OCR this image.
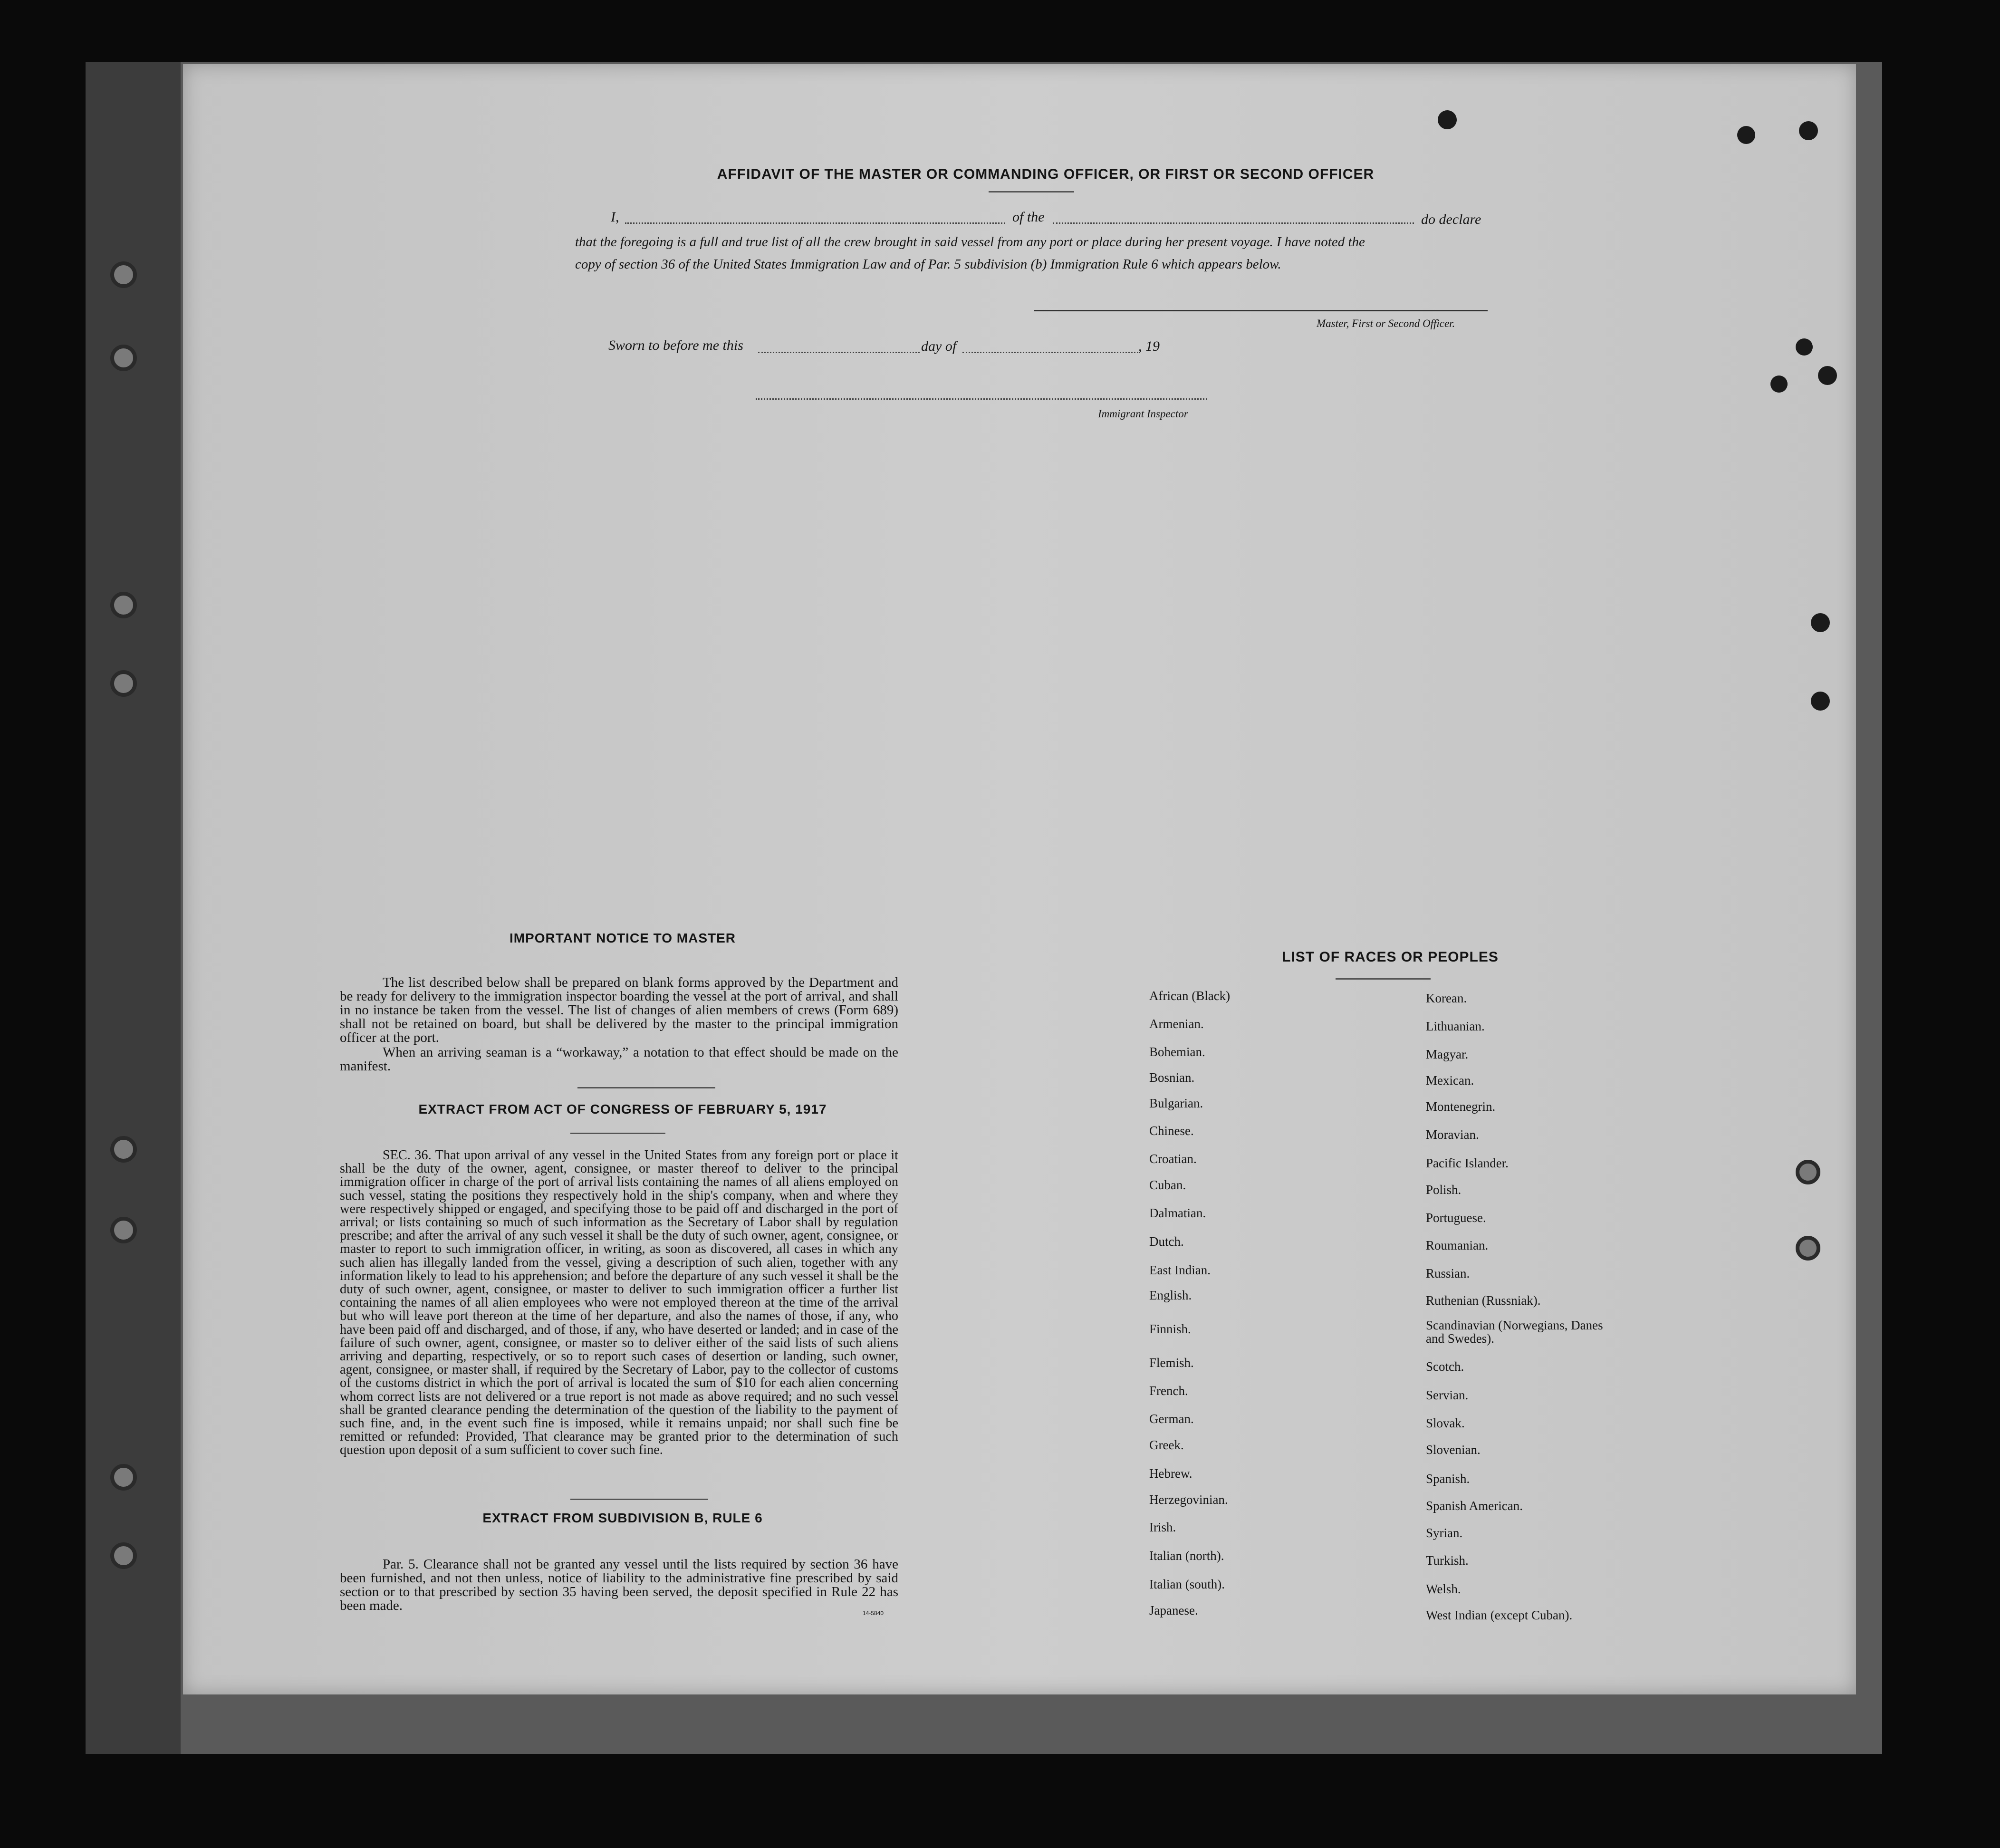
AFFIDAVIT OF THE MASTER OR COMMANDING OFFICER, OR FIRST OR SECOND OFFICER
I,	of the	do declare
that the foregoing is a full and true list of all the crew brought in said vessel from any port or place during her present voyage. I have noted the
copy of section 36 of the United States Immigration Law and of Par. 5 subdivision (b) Immigration Rule 6 which appears below.
Master, First or Second Officer.
Sworn to before me this	day of	, 19
Immigrant Inspector
IMPORTANT NOTICE TO MASTER
The list described below shall be prepared on blank forms approved by the Department and be ready for delivery to the immigration inspector boarding the vessel at the port of arrival, and shall in no instance be taken from the vessel. The list of changes of alien members of crews (Form 689) shall not be retained on board, but shall be delivered by the master to the principal immigration officer at the port.
When an arriving seaman is a “workaway,” a notation to that effect should be made on the manifest.
EXTRACT FROM ACT OF CONGRESS OF FEBRUARY 5, 1917
SEC. 36. That upon arrival of any vessel in the United States from any foreign port or place it shall be the duty of the owner, agent, consignee, or master thereof to deliver to the principal immigration officer in charge of the port of arrival lists containing the names of all aliens employed on such vessel, stating the positions they respectively hold in the ship's company, when and where they were respectively shipped or engaged, and specifying those to be paid off and discharged in the port of arrival; or lists containing so much of such information as the Secretary of Labor shall by regulation prescribe; and after the arrival of any such vessel it shall be the duty of such owner, agent, consignee, or master to report to such immigration officer, in writing, as soon as discovered, all cases in which any such alien has illegally landed from the vessel, giving a description of such alien, together with any information likely to lead to his apprehension; and before the departure of any such vessel it shall be the duty of such owner, agent, consignee, or master to deliver to such immigration officer a further list containing the names of all alien employees who were not employed thereon at the time of the arrival but who will leave port thereon at the time of her departure, and also the names of those, if any, who have been paid off and discharged, and of those, if any, who have deserted or landed; and in case of the failure of such owner, agent, consignee, or master so to deliver either of the said lists of such aliens arriving and departing, respectively, or so to report such cases of desertion or landing, such owner, agent, consignee, or master shall, if required by the Secretary of Labor, pay to the collector of customs of the customs district in which the port of arrival is located the sum of $10 for each alien concerning whom correct lists are not delivered or a true report is not made as above required; and no such vessel shall be granted clearance pending the determination of the question of the liability to the payment of such fine, and, in the event such fine is imposed, while it remains unpaid; nor shall such fine be remitted or refunded: Provided, That clearance may be granted prior to the determination of such question upon deposit of a sum sufficient to cover such fine.
EXTRACT FROM SUBDIVISION B, RULE 6
Par. 5. Clearance shall not be granted any vessel until the lists required by section 36 have been furnished, and not then unless, notice of liability to the administrative fine prescribed by said section or to that prescribed by section 35 having been served, the deposit specified in Rule 22 has been made.	14-5840
LIST OF RACES OR PEOPLES
African (Black)
Armenian.
Bohemian.
Bosnian.
Bulgarian.
Chinese.
Croatian.
Cuban.
Dalmatian.
Dutch.
East Indian.
English.
Finnish.
Flemish.
French.
German.
Greek.
Hebrew.
Herzegovinian.
Irish.
Italian (north).
Italian (south).
Japanese.
Korean.
Lithuanian.
Magyar.
Mexican.
Montenegrin.
Moravian.
Pacific Islander.
Polish.
Portuguese.
Roumanian.
Russian.
Ruthenian (Russniak).
Scandinavian (Norwegians, Danes and Swedes).
Scotch.
Servian.
Slovak.
Slovenian.
Spanish.
Spanish American.
Syrian.
Turkish.
Welsh.
West Indian (except Cuban).
